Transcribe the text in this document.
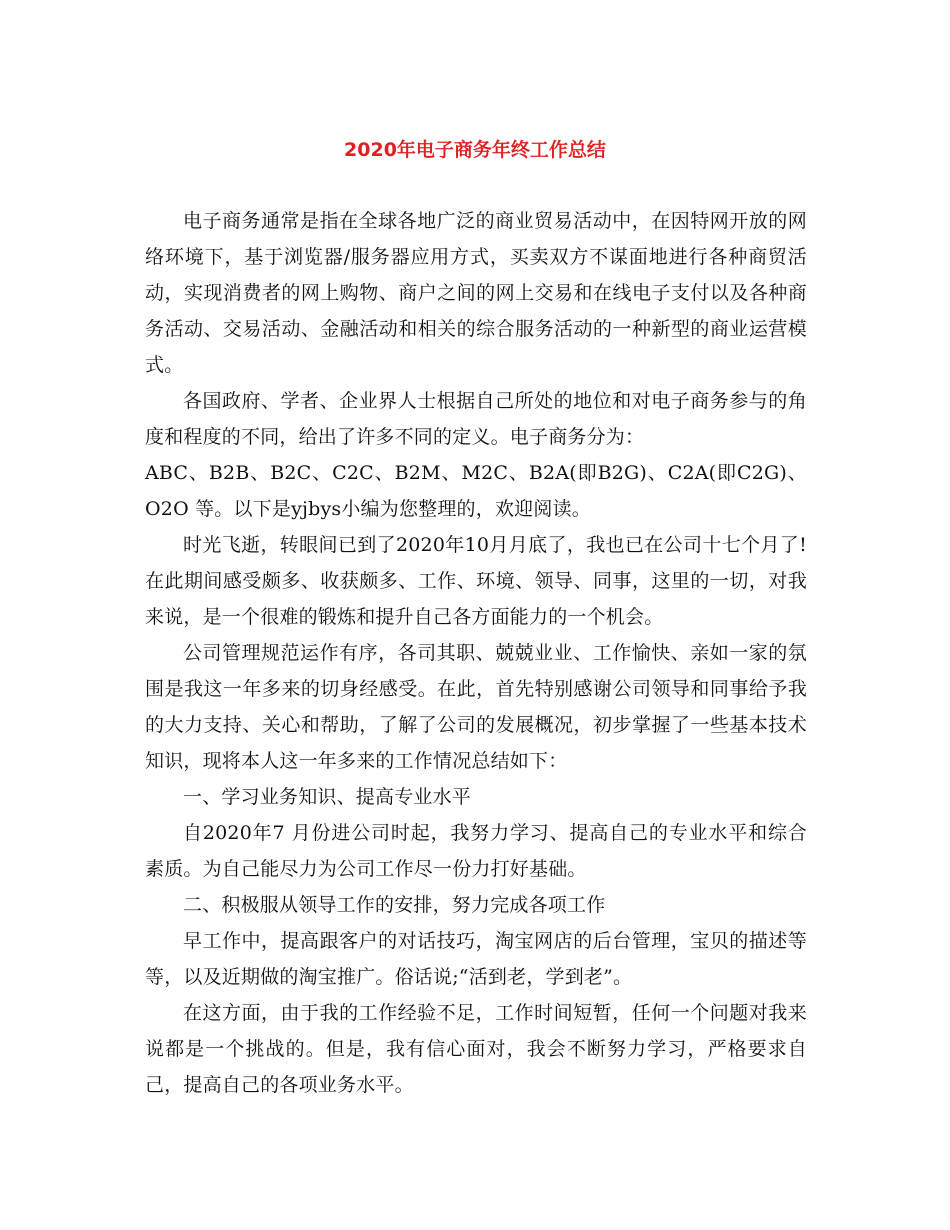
2020年电子商务年终工作总结

电子商务通常是指在全球各地广泛的商业贸易活动中，在因特网开放的网络环境下，基于浏览器/服务器应用方式，买卖双方不谋面地进行各种商贸活动，实现消费者的网上购物、商户之间的网上交易和在线电子支付以及各种商务活动、交易活动、金融活动和相关的综合服务活动的一种新型的商业运营模式。

各国政府、学者、企业界人士根据自己所处的地位和对电子商务参与的角度和程度的不同，给出了许多不同的定义。电子商务分为：

ABC、B2B、B2C、C2C、B2M、M2C、B2A(即B2G)、C2A(即C2G)、O2O 等。以下是yjbys小编为您整理的，欢迎阅读。

时光飞逝，转眼间已到了2020年10月月底了，我也已在公司十七个月了!在此期间感受颇多、收获颇多、工作、环境、领导、同事，这里的一切，对我来说，是一个很难的锻炼和提升自己各方面能力的一个机会。

公司管理规范运作有序，各司其职、兢兢业业、工作愉快、亲如一家的氛围是我这一年多来的切身经感受。在此，首先特别感谢公司领导和同事给予我的大力支持、关心和帮助，了解了公司的发展概况，初步掌握了一些基本技术知识，现将本人这一年多来的工作情况总结如下：

一、学习业务知识、提高专业水平

自2020年7 月份进公司时起，我努力学习、提高自己的专业水平和综合素质。为自己能尽力为公司工作尽一份力打好基础。

二、积极服从领导工作的安排，努力完成各项工作

早工作中，提高跟客户的对话技巧，淘宝网店的后台管理，宝贝的描述等等，以及近期做的淘宝推广。俗话说;“活到老，学到老”。

在这方面，由于我的工作经验不足，工作时间短暂，任何一个问题对我来说都是一个挑战的。但是，我有信心面对，我会不断努力学习，严格要求自己，提高自己的各项业务水平。
